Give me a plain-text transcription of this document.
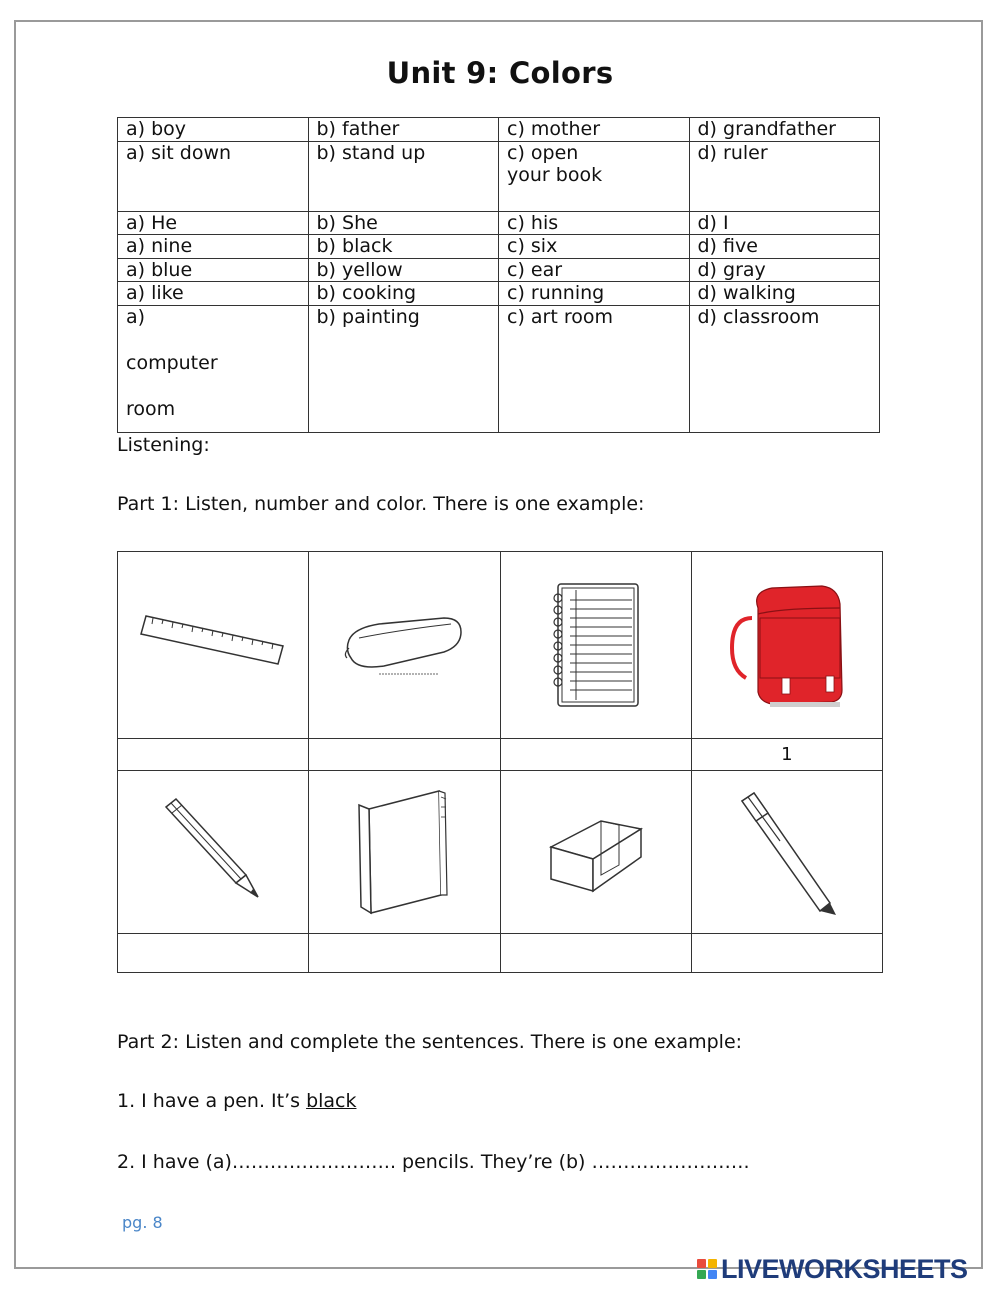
Unit 9: Colors
a) boy	b) father	c) mother	d) grandfather
a) sit down	b) stand up	c) open your book	d) ruler
a) He	b) She	c) his	d) I
a) nine	b) black	c) six	d) five
a) blue	b) yellow	c) ear	d) gray
a) like	b) cooking	c) running	d) walking

a) computer room	b) painting	c) art room	d) classroom
Listening:
Part 1: Listen, number and color. There is one example:

			1

Part 2: Listen and complete the sentences. There is one example:
1. I have a pen. It’s black
2. I have (a)…………………….. pencils. They’re (b) …………………….
pg. 8
LIVEWORKSHEETS
